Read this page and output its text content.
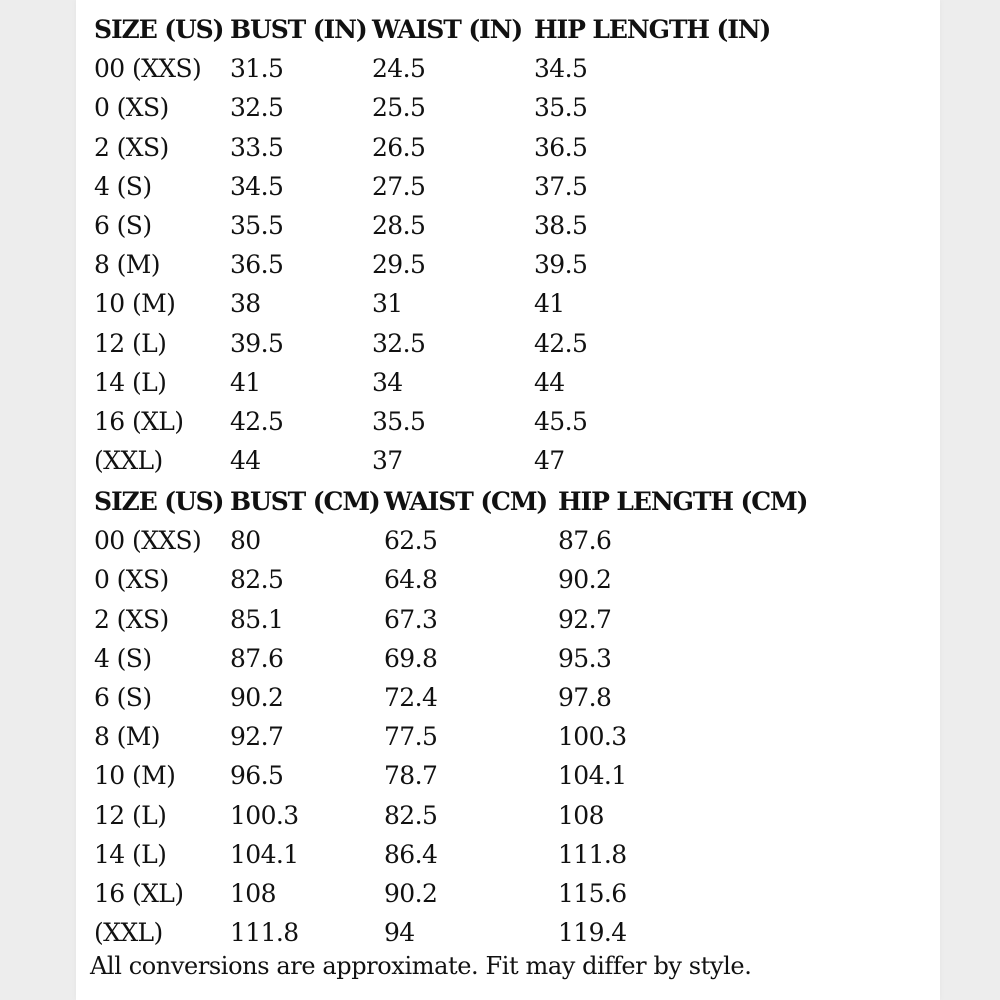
SIZE (US)	BUST (IN)	WAIST (IN)	HIP LENGTH (IN)
00 (XXS)	31.5	24.5	34.5
0 (XS)	32.5	25.5	35.5
2 (XS)	33.5	26.5	36.5
4 (S)	34.5	27.5	37.5
6 (S)	35.5	28.5	38.5
8 (M)	36.5	29.5	39.5
10 (M)	38	31	41
12 (L)	39.5	32.5	42.5
14 (L)	41	34	44
16 (XL)	42.5	35.5	45.5
(XXL)	44	37	47
SIZE (US)	BUST (CM)	WAIST (CM)	HIP LENGTH (CM)
00 (XXS)	80	62.5	87.6
0 (XS)	82.5	64.8	90.2
2 (XS)	85.1	67.3	92.7
4 (S)	87.6	69.8	95.3
6 (S)	90.2	72.4	97.8
8 (M)	92.7	77.5	100.3
10 (M)	96.5	78.7	104.1
12 (L)	100.3	82.5	108
14 (L)	104.1	86.4	111.8
16 (XL)	108	90.2	115.6
(XXL)	111.8	94	119.4
All conversions are approximate. Fit may differ by style.
